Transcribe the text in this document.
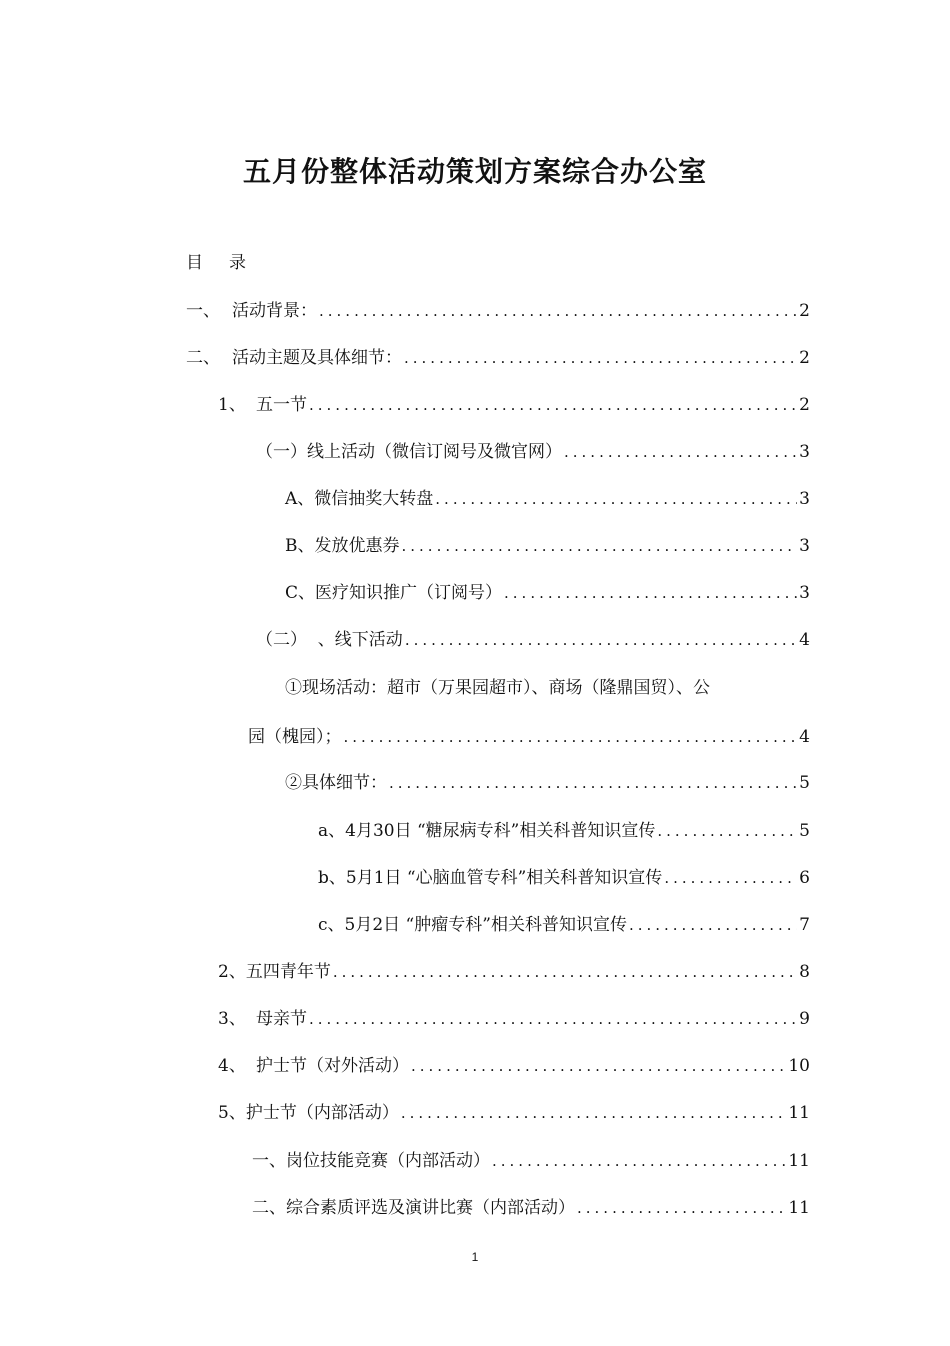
五月份整体活动策划方案综合办公室
目 录
一、 活动背景： .....	2
二、 活动主题及具体细节： .....	2
1、 五一节 .....	2
（一）线上活动（微信订阅号及微官网） .....	3
A、微信抽奖大转盘 .....	3
B、发放优惠券 .....	3
C、医疗知识推广（订阅号） .....	3
（二）  、线下活动 .....	4
①现场活动：超市（万果园超市）、商场（隆鼎国贸）、公
园（槐园）； .....	4
②具体细节： .....	5
a、4月30日 “糖尿病专科”相关科普知识宣传 .....	5
b、5月1日 “心脑血管专科”相关科普知识宣传 .....	6
c、5月2日 “肿瘤专科”相关科普知识宣传 .....	7
2、五四青年节 .....	8
3、 母亲节 .....	9
4、 护士节（对外活动） .....	10
5、护士节（内部活动） .....	11
一、岗位技能竞赛（内部活动） .....	11
二、综合素质评选及演讲比赛（内部活动） .....	11
1
